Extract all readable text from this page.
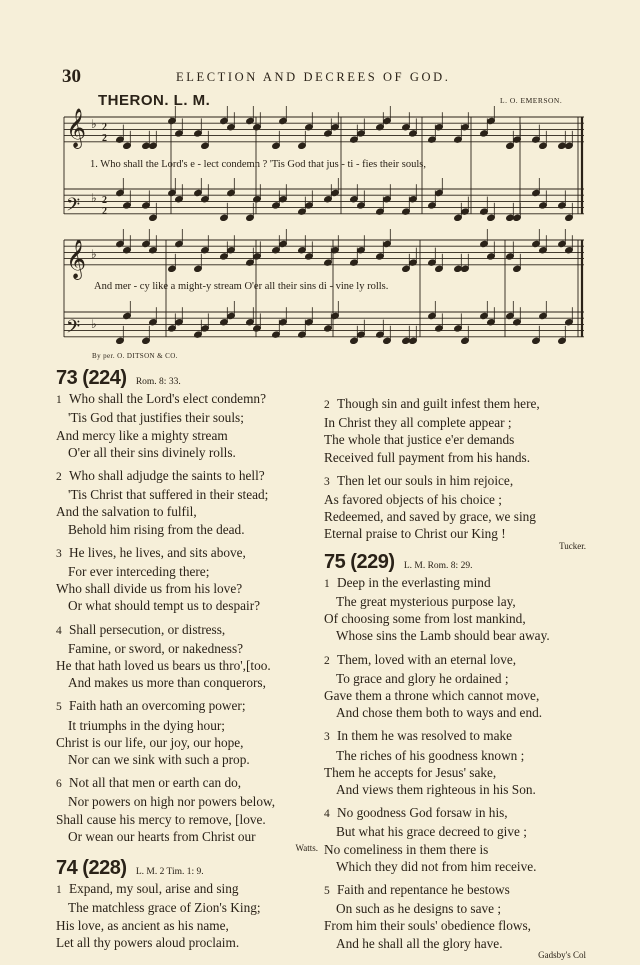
30	ELECTION AND DECREES OF GOD.
THERON. L. M.	L. O. EMERSON.
𝄞
𝄢
𝄞
𝄢
♭
♭
♭
♭
2
2
2
2
1. Who shall the Lord's e - lect condemn ? 'Tis God that jus - ti - fies their souls,
And mer - cy like a might-y stream O'er all their sins di - vine ly rolls.
By per. O. DITSON & CO.
73 (224) Rom. 8: 33.
1 Who shall the Lord's elect condemn?
'Tis God that justifies their souls;
And mercy like a mighty stream
O'er all their sins divinely rolls.
2 Who shall adjudge the saints to hell?
'Tis Christ that suffered in their stead;
And the salvation to fulfil,
Behold him rising from the dead.
3 He lives, he lives, and sits above,
For ever interceding there;
Who shall divide us from his love?
Or what should tempt us to despair?
4 Shall persecution, or distress,
Famine, or sword, or nakedness?
He that hath loved us bears us thro',[too.
And makes us more than conquerors,
5 Faith hath an overcoming power;
It triumphs in the dying hour;
Christ is our life, our joy, our hope,
Nor can we sink with such a prop.
6 Not all that men or earth can do,
Nor powers on high nor powers below,
Shall cause his mercy to remove, [love.
Or wean our hearts from Christ our
Watts.
74 (228) L. M. 2 Tim. 1: 9.
1 Expand, my soul, arise and sing
The matchless grace of Zion's King;
His love, as ancient as his name,
Let all thy powers aloud proclaim.
2 Though sin and guilt infest them here,
In Christ they all complete appear ;
The whole that justice e'er demands
Received full payment from his hands.
3 Then let our souls in him rejoice,
As favored objects of his choice ;
Redeemed, and saved by grace, we sing
Eternal praise to Christ our King !
Tucker.
75 (229) L. M. Rom. 8: 29.
1 Deep in the everlasting mind
The great mysterious purpose lay,
Of choosing some from lost mankind,
Whose sins the Lamb should bear away.
2 Them, loved with an eternal love,
To grace and glory he ordained ;
Gave them a throne which cannot move,
And chose them both to ways and end.
3 In them he was resolved to make
The riches of his goodness known ;
Them he accepts for Jesus' sake,
And views them righteous in his Son.
4 No goodness God forsaw in his,
But what his grace decreed to give ;
No comeliness in them there is
Which they did not from him receive.
5 Faith and repentance he bestows
On such as he designs to save ;
From him their souls' obedience flows,
And he shall all the glory have.
Gadsby's Col
